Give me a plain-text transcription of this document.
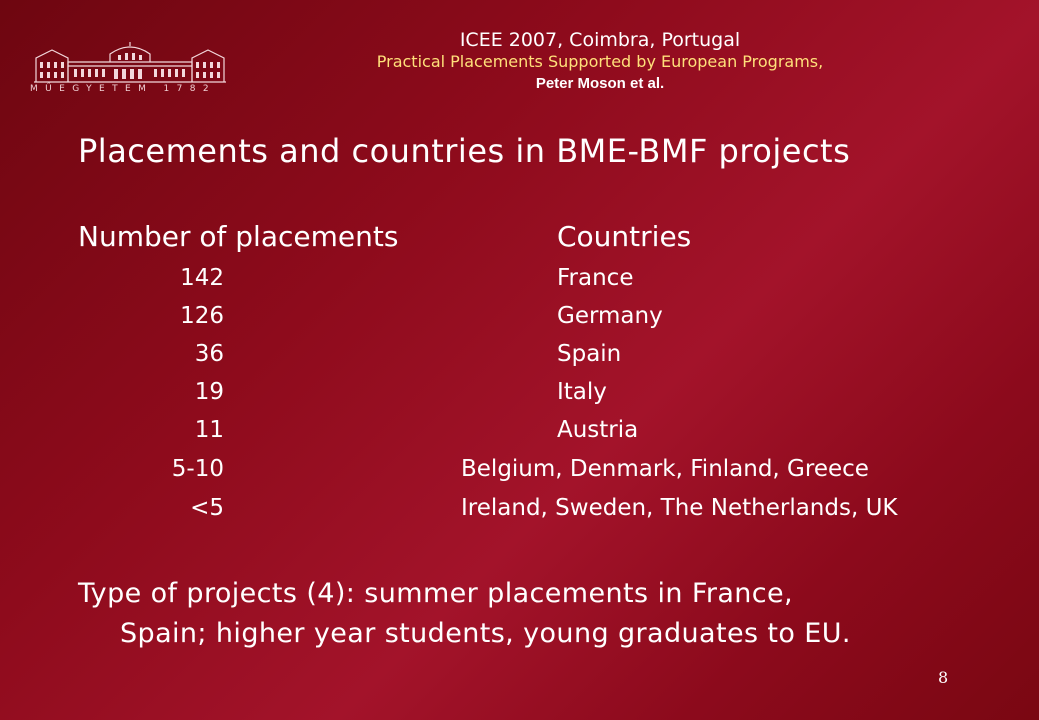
MŰEGYETEM 1782
ICEE 2007, Coimbra, Portugal
Practical Placements Supported by European Programs,
Peter Moson et al.
Placements and countries in BME-BMF projects
Number of placements	Countries
142	France
126	Germany
36	Spain
19	Italy
11	Austria
5-10	Belgium, Denmark, Finland, Greece
<5	Ireland, Sweden, The Netherlands, UK
Type of projects (4): summer placements in France,
Spain; higher year students, young graduates to EU.
8
